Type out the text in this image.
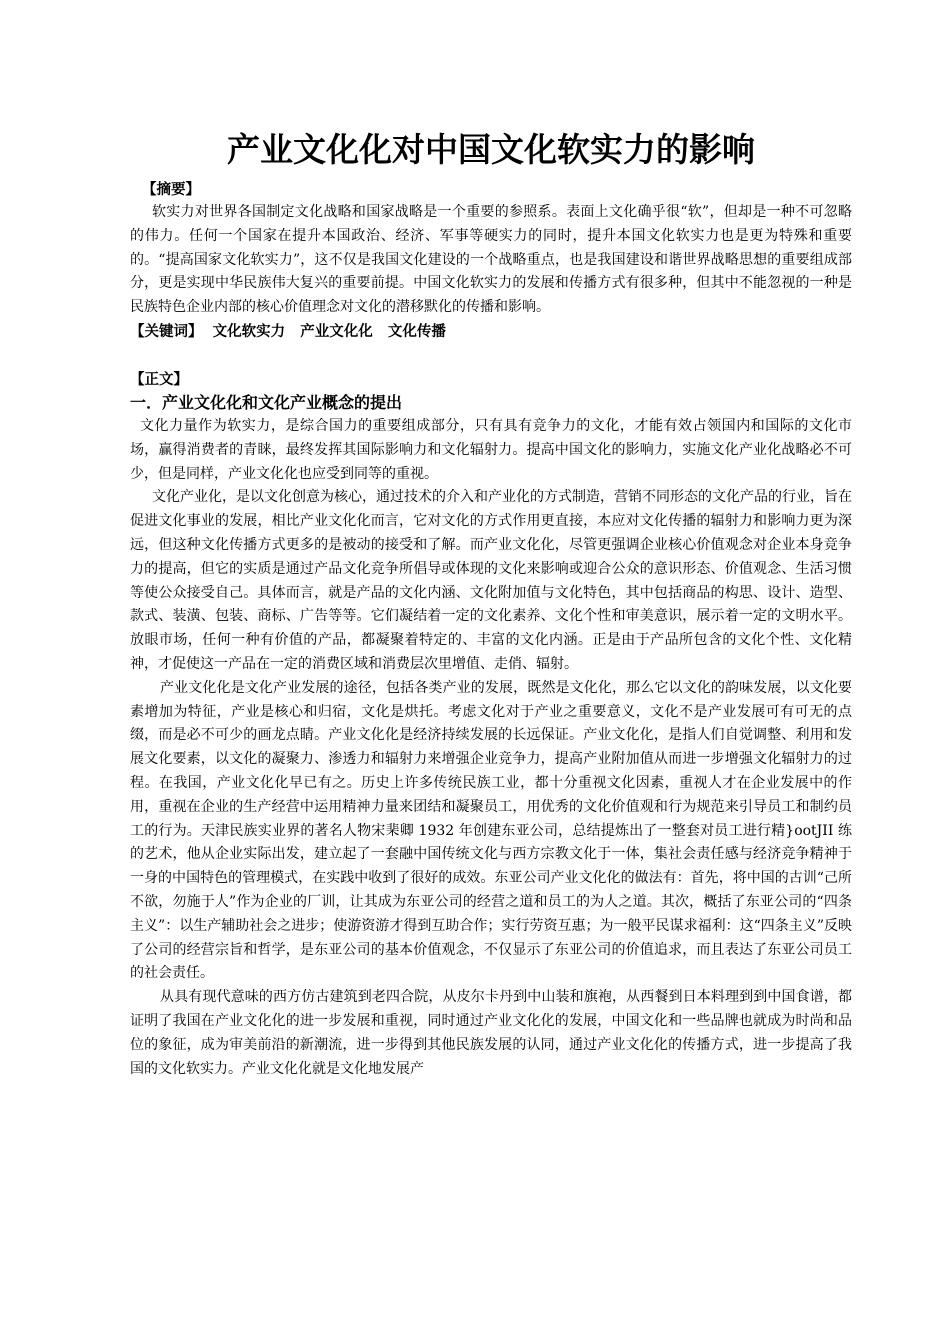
产业文化化对中国文化软实力的影响

【摘要】

软实力对世界各国制定文化战略和国家战略是一个重要的参照系。表面上文化确乎很“软”，但却是一种不可忽略的伟力。任何一个国家在提升本国政治、经济、军事等硬实力的同时，提升本国文化软实力也是更为特殊和重要的。“提高国家文化软实力”，这不仅是我国文化建设的一个战略重点，也是我国建设和谐世界战略思想的重要组成部分，更是实现中华民族伟大复兴的重要前提。中国文化软实力的发展和传播方式有很多种，但其中不能忽视的一种是民族特色企业内部的核心价值理念对文化的潜移默化的传播和影响。

【关键词】  文化软实力   产业文化化   文化传播

【正文】

一．产业文化化和文化产业概念的提出

文化力量作为软实力，是综合国力的重要组成部分，只有具有竞争力的文化，才能有效占领国内和国际的文化市场，赢得消费者的青睐，最终发挥其国际影响力和文化辐射力。提高中国文化的影响力，实施文化产业化战略必不可少，但是同样，产业文化化也应受到同等的重视。

文化产业化，是以文化创意为核心，通过技术的介入和产业化的方式制造，营销不同形态的文化产品的行业，旨在促进文化事业的发展，相比产业文化化而言，它对文化的方式作用更直接，本应对文化传播的辐射力和影响力更为深远，但这种文化传播方式更多的是被动的接受和了解。而产业文化化，尽管更强调企业核心价值观念对企业本身竞争力的提高，但它的实质是通过产品文化竞争所倡导或体现的文化来影响或迎合公众的意识形态、价值观念、生活习惯等使公众接受自己。具体而言，就是产品的文化内涵、文化附加值与文化特色，其中包括商品的构思、设计、造型、款式、装潢、包装、商标、广告等等。它们凝结着一定的文化素养、文化个性和审美意识，展示着一定的文明水平。放眼市场，任何一种有价值的产品，都凝聚着特定的、丰富的文化内涵。正是由于产品所包含的文化个性、文化精神，才促使这一产品在一定的消费区域和消费层次里增值、走俏、辐射。

产业文化化是文化产业发展的途径，包括各类产业的发展，既然是文化化，那么它以文化的韵味发展，以文化要素增加为特征，产业是核心和归宿，文化是烘托。考虑文化对于产业之重要意义，文化不是产业发展可有可无的点缀，而是必不可少的画龙点睛。产业文化化是经济持续发展的长远保证。产业文化化，是指人们自觉调整、利用和发展文化要素，以文化的凝聚力、渗透力和辐射力来增强企业竞争力，提高产业附加值从而进一步增强文化辐射力的过程。在我国，产业文化化早已有之。历史上许多传统民族工业，都十分重视文化因素，重视人才在企业发展中的作用，重视在企业的生产经营中运用精神力量来团结和凝聚员工，用优秀的文化价值观和行为规范来引导员工和制约员工的行为。天津民族实业界的著名人物宋棐卿 1932 年创建东亚公司，总结提炼出了一整套对员工进行精}ootJII 练的艺术，他从企业实际出发，建立起了一套融中国传统文化与西方宗教文化于一体，集社会责任感与经济竞争精神于一身的中国特色的管理模式，在实践中收到了很好的成效。东亚公司产业文化化的做法有：首先，将中国的古训“己所不欲，勿施于人”作为企业的厂训，让其成为东亚公司的经营之道和员工的为人之道。其次，概括了东亚公司的“四条主义”：以生产辅助社会之进步；使游资游才得到互助合作；实行劳资互惠；为一般平民谋求福利：这“四条主义”反映了公司的经营宗旨和哲学，是东亚公司的基本价值观念，不仅显示了东亚公司的价值追求，而且表达了东亚公司员工的社会责任。

从具有现代意味的西方仿古建筑到老四合院，从皮尔卡丹到中山装和旗袍，从西餐到日本料理到到中国食谱，都证明了我国在产业文化化的进一步发展和重视，同时通过产业文化化的发展，中国文化和一些品牌也就成为时尚和品位的象征，成为审美前沿的新潮流，进一步得到其他民族发展的认同，通过产业文化化的传播方式，进一步提高了我国的文化软实力。产业文化化就是文化地发展产
